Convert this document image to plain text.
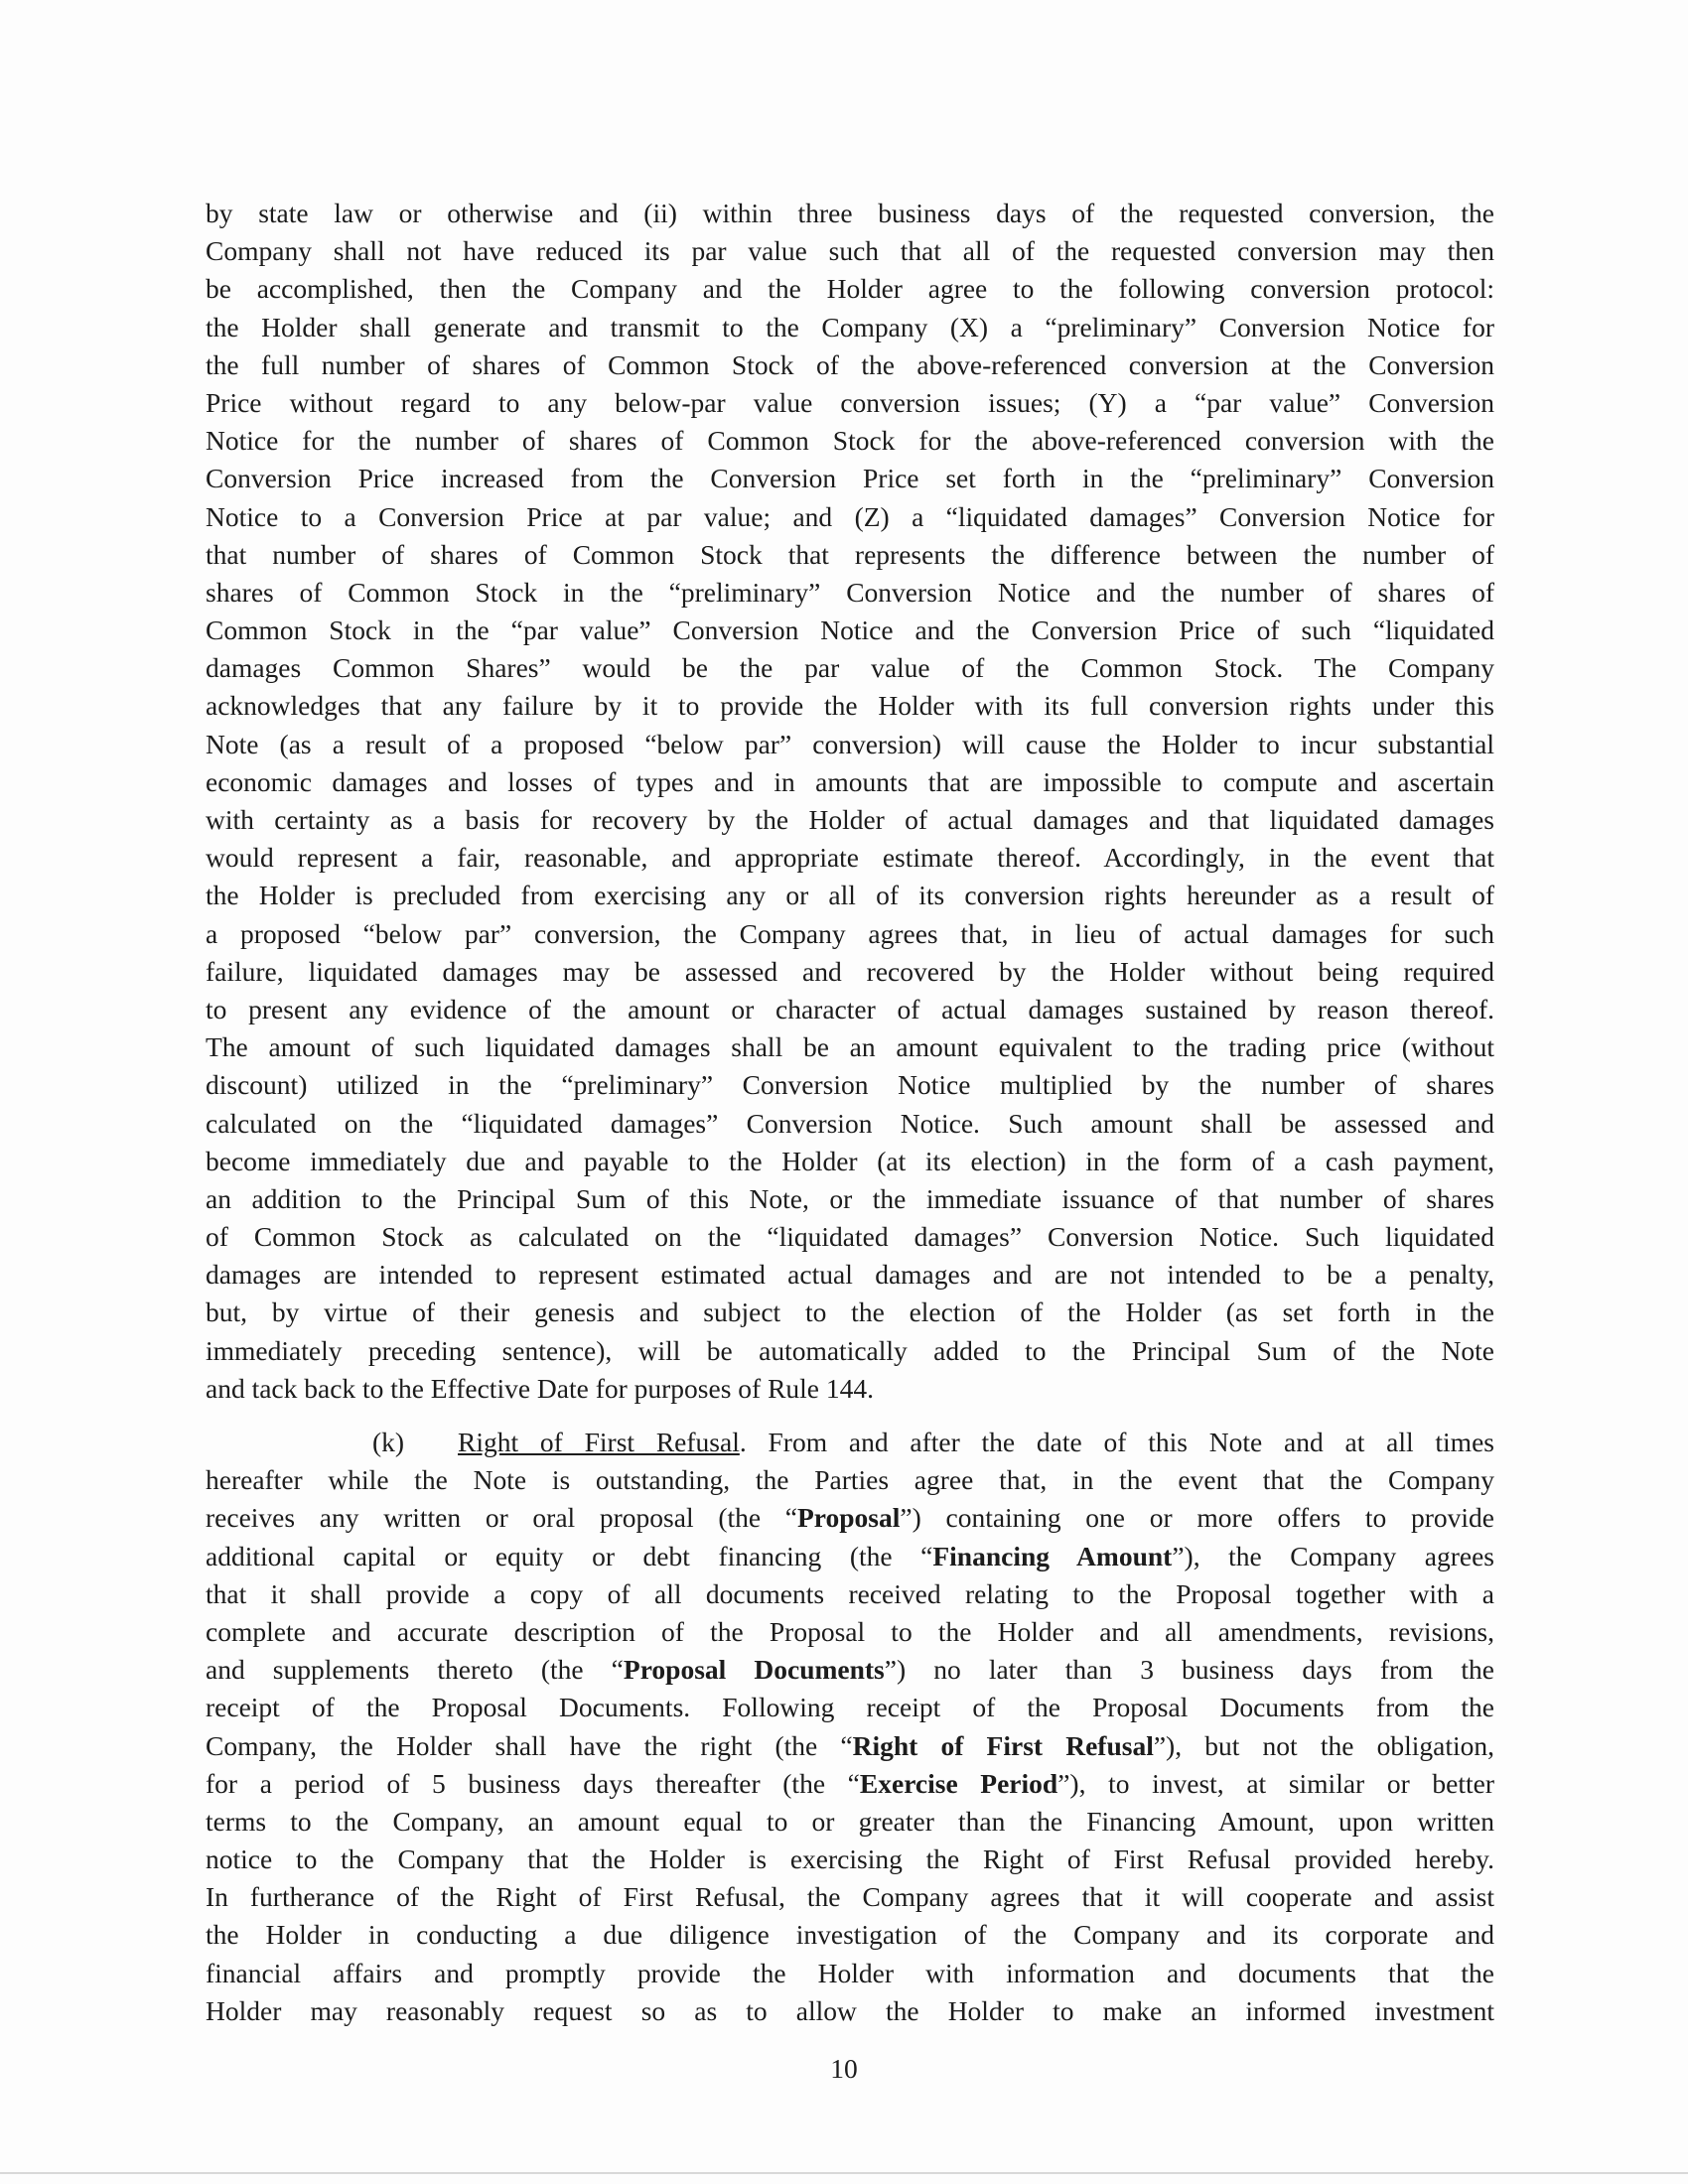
by state law or otherwise and (ii) within three business days of the requested conversion, the
Company shall not have reduced its par value such that all of the requested conversion may then
be accomplished, then the Company and the Holder agree to the following conversion protocol:
the Holder shall generate and transmit to the Company (X) a “preliminary” Conversion Notice for
the full number of shares of Common Stock of the above-referenced conversion at the Conversion
Price without regard to any below-par value conversion issues; (Y) a “par value” Conversion
Notice for the number of shares of Common Stock for the above-referenced conversion with the
Conversion Price increased from the Conversion Price set forth in the “preliminary” Conversion
Notice to a Conversion Price at par value; and (Z) a “liquidated damages” Conversion Notice for
that number of shares of Common Stock that represents the difference between the number of
shares of Common Stock in the “preliminary” Conversion Notice and the number of shares of
Common Stock in the “par value” Conversion Notice and the Conversion Price of such “liquidated
damages Common Shares” would be the par value of the Common Stock. The Company
acknowledges that any failure by it to provide the Holder with its full conversion rights under this
Note (as a result of a proposed “below par” conversion) will cause the Holder to incur substantial
economic damages and losses of types and in amounts that are impossible to compute and ascertain
with certainty as a basis for recovery by the Holder of actual damages and that liquidated damages
would represent a fair, reasonable, and appropriate estimate thereof. Accordingly, in the event that
the Holder is precluded from exercising any or all of its conversion rights hereunder as a result of
a proposed “below par” conversion, the Company agrees that, in lieu of actual damages for such
failure, liquidated damages may be assessed and recovered by the Holder without being required
to present any evidence of the amount or character of actual damages sustained by reason thereof.
The amount of such liquidated damages shall be an amount equivalent to the trading price (without
discount) utilized in the “preliminary” Conversion Notice multiplied by the number of shares
calculated on the “liquidated damages” Conversion Notice. Such amount shall be assessed and
become immediately due and payable to the Holder (at its election) in the form of a cash payment,
an addition to the Principal Sum of this Note, or the immediate issuance of that number of shares
of Common Stock as calculated on the “liquidated damages” Conversion Notice. Such liquidated
damages are intended to represent estimated actual damages and are not intended to be a penalty,
but, by virtue of their genesis and subject to the election of the Holder (as set forth in the
immediately preceding sentence), will be automatically added to the Principal Sum of the Note
and tack back to the Effective Date for purposes of Rule 144.
(k) Right of First Refusal. From and after the date of this Note and at all times
hereafter while the Note is outstanding, the Parties agree that, in the event that the Company
receives any written or oral proposal (the “Proposal”) containing one or more offers to provide
additional capital or equity or debt financing (the “Financing Amount”), the Company agrees
that it shall provide a copy of all documents received relating to the Proposal together with a
complete and accurate description of the Proposal to the Holder and all amendments, revisions,
and supplements thereto (the “Proposal Documents”) no later than 3 business days from the
receipt of the Proposal Documents. Following receipt of the Proposal Documents from the
Company, the Holder shall have the right (the “Right of First Refusal”), but not the obligation,
for a period of 5 business days thereafter (the “Exercise Period”), to invest, at similar or better
terms to the Company, an amount equal to or greater than the Financing Amount, upon written
notice to the Company that the Holder is exercising the Right of First Refusal provided hereby.
In furtherance of the Right of First Refusal, the Company agrees that it will cooperate and assist
the Holder in conducting a due diligence investigation of the Company and its corporate and
financial affairs and promptly provide the Holder with information and documents that the
Holder may reasonably request so as to allow the Holder to make an informed investment
10
